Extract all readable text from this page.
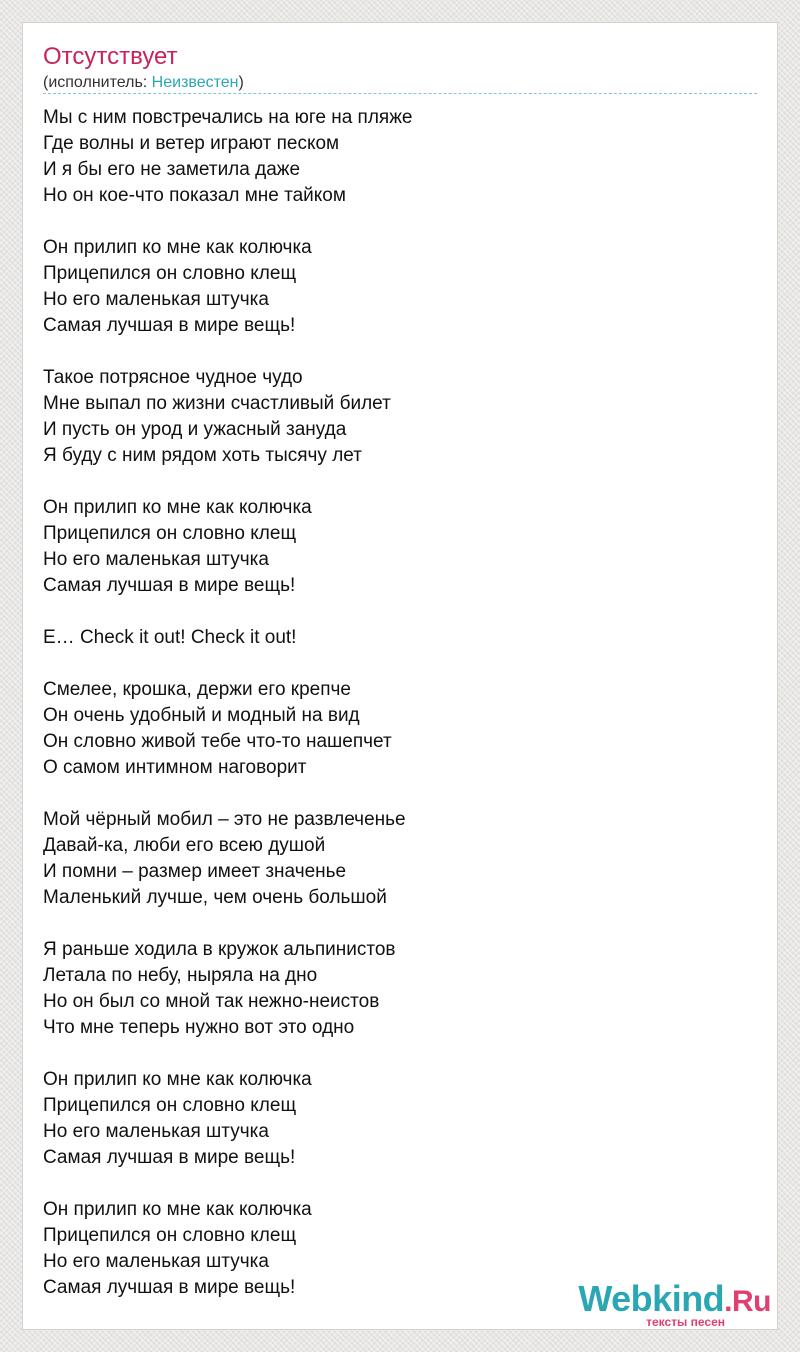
Отсутствует
(исполнитель: Неизвестен)
Мы с ним повстречались на юге на пляже
Где волны и ветер играют песком
И я бы его не заметила даже
Но он кое-что показал мне тайком
Он прилип ко мне как колючка
Прицепился он словно клещ
Но его маленькая штучка
Самая лучшая в мире вещь!
Такое потрясное чудное чудо
Мне выпал по жизни счастливый билет
И пусть он урод и ужасный зануда
Я буду с ним рядом хоть тысячу лет
Он прилип ко мне как колючка
Прицепился он словно клещ
Но его маленькая штучка
Самая лучшая в мире вещь!
Е… Check it out! Check it out!
Смелее, крошка, держи его крепче
Он очень удобный и модный на вид
Он словно живой тебе что-то нашепчет
О самом интимном наговорит
Мой чёрный мобил – это не развлеченье
Давай-ка, люби его всею душой
И помни – размер имеет значенье
Маленький лучше, чем очень большой
Я раньше ходила в кружок альпинистов
Летала по небу, ныряла на дно
Но он был со мной так нежно-неистов
Что мне теперь нужно вот это одно
Он прилип ко мне как колючка
Прицепился он словно клещ
Но его маленькая штучка
Самая лучшая в мире вещь!
Он прилип ко мне как колючка
Прицепился он словно клещ
Но его маленькая штучка
Самая лучшая в мире вещь!	Webkind.Ru
тексты песен
